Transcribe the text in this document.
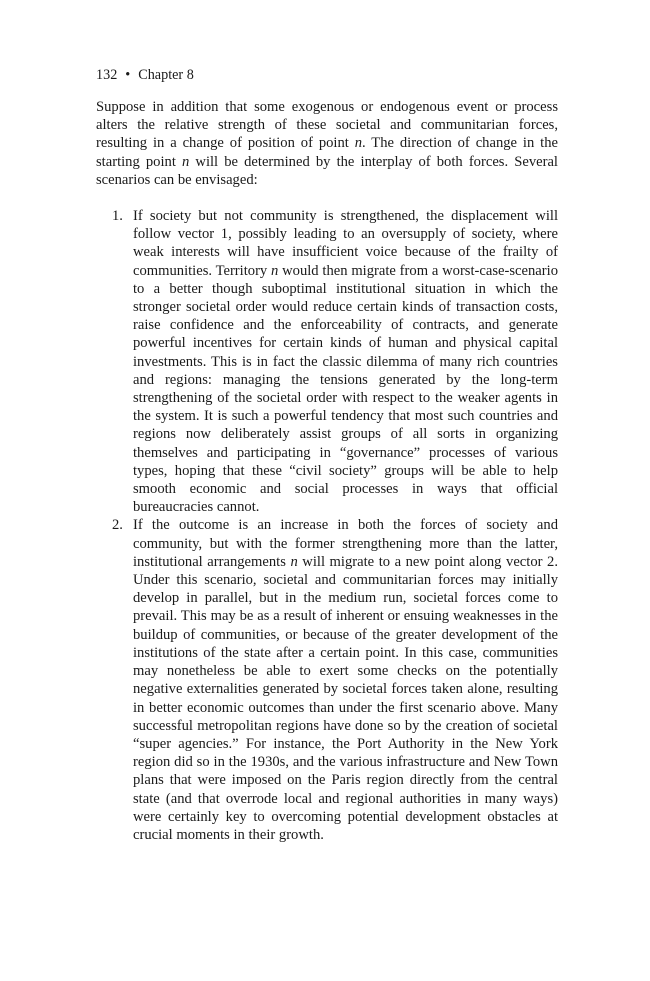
132 • Chapter 8

Suppose in addition that some exogenous or endogenous event or process alters the relative strength of these societal and communitarian forces, resulting in a change of position of point n. The direction of change in the starting point n will be determined by the interplay of both forces. Several scenarios can be envisaged:

1. If society but not community is strengthened, the displacement will follow vector 1, possibly leading to an oversupply of society, where weak interests will have insufficient voice because of the frailty of communities. Territory n would then migrate from a worst-case-scenario to a better though suboptimal institutional situation in which the stronger societal order would reduce certain kinds of transaction costs, raise confidence and the enforceability of contracts, and generate powerful incentives for certain kinds of human and physical capital investments. This is in fact the classic dilemma of many rich countries and regions: managing the tensions generated by the long-term strengthening of the societal order with respect to the weaker agents in the system. It is such a powerful tendency that most such countries and regions now deliberately assist groups of all sorts in organizing themselves and participating in “governance” processes of various types, hoping that these “civil society” groups will be able to help smooth economic and social processes in ways that official bureaucracies cannot.
2. If the outcome is an increase in both the forces of society and community, but with the former strengthening more than the latter, institutional arrangements n will migrate to a new point along vector 2. Under this scenario, societal and communitarian forces may initially develop in parallel, but in the medium run, societal forces come to prevail. This may be as a result of inherent or ensuing weaknesses in the buildup of communities, or because of the greater development of the institutions of the state after a certain point. In this case, communities may nonetheless be able to exert some checks on the potentially negative externalities generated by societal forces taken alone, resulting in better economic outcomes than under the first scenario above. Many successful metropolitan regions have done so by the creation of societal “super agencies.” For instance, the Port Authority in the New York region did so in the 1930s, and the various infrastructure and New Town plans that were imposed on the Paris region directly from the central state (and that overrode local and regional authorities in many ways) were certainly key to overcoming potential development obstacles at crucial moments in their growth.
